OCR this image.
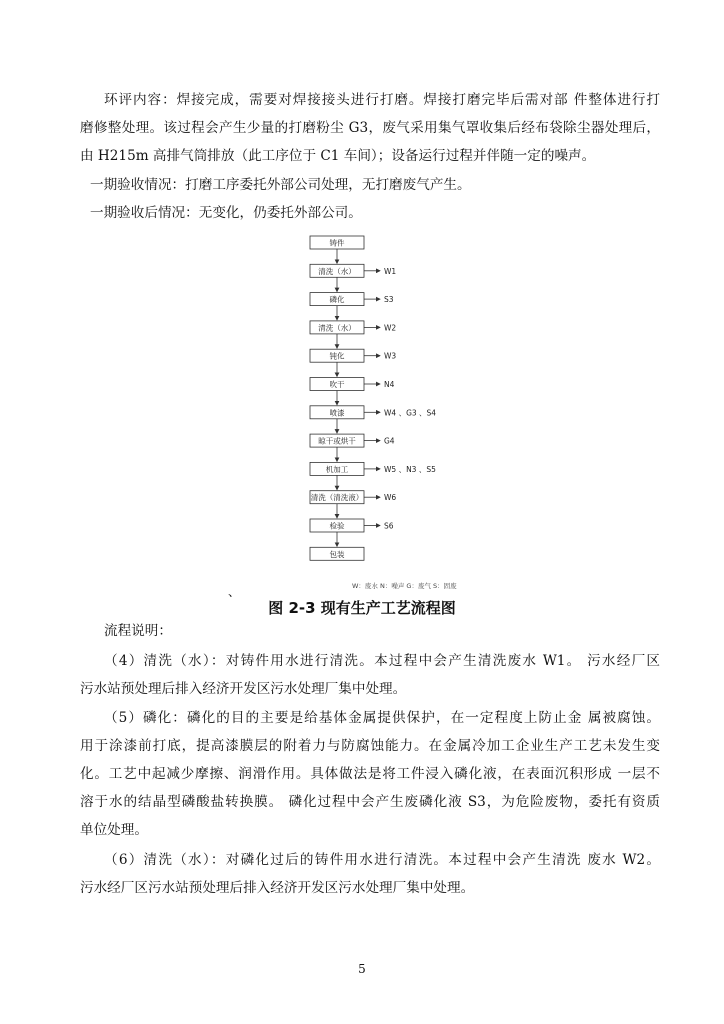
环评内容：焊接完成，需要对焊接接头进行打磨。焊接打磨完毕后需对部 件整体进行打
磨修整处理。该过程会产生少量的打磨粉尘 G3，废气采用集气罩收集后经布袋除尘器处理后，
由 H215m 高排气筒排放（此工序位于 C1 车间）；设备运行过程并伴随一定的噪声。
一期验收情况：打磨工序委托外部公司处理，无打磨废气产生。
一期验收后情况：无变化，仍委托外部公司。
铸件
清洗（水）	W1
磷化	S3
清洗（水）	W2
钝化	W3
吹干	N4
喷漆	W4 、G3 、S4
晾干或烘干	G4
机加工	W5 、N3 、S5
清洗（清洗液）	W6
检验	S6
包装
W：废水 N：噪声 G：废气 S：固废
、
图 2-3 现有生产工艺流程图
流程说明：
（4）清洗（水）：对铸件用水进行清洗。本过程中会产生清洗废水 W1。 污水经厂区
污水站预处理后排入经济开发区污水处理厂集中处理。
（5）磷化：磷化的目的主要是给基体金属提供保护，在一定程度上防止金 属被腐蚀。
用于涂漆前打底，提高漆膜层的附着力与防腐蚀能力。在金属冷加工企业生产工艺未发生变
化。工艺中起减少摩擦、润滑作用。具体做法是将工件浸入磷化液，在表面沉积形成 一层不
溶于水的结晶型磷酸盐转换膜。 磷化过程中会产生废磷化液 S3，为危险废物，委托有资质
单位处理。
（6）清洗（水）：对磷化过后的铸件用水进行清洗。本过程中会产生清洗 废水 W2。
污水经厂区污水站预处理后排入经济开发区污水处理厂集中处理。
5
